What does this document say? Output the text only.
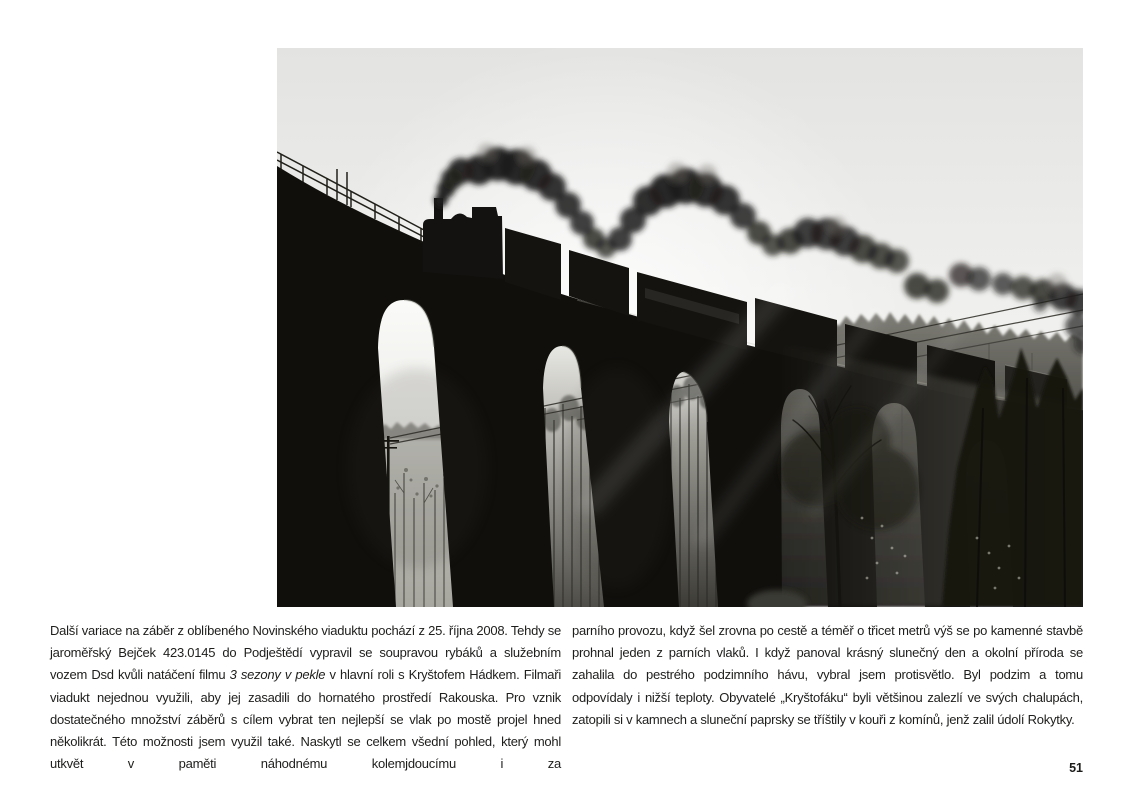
Další variace na záběr z oblíbeného Novinského viaduktu pochází z 25. října 2008. Tehdy se jaroměřský Bejček 423.0145 do Podještědí vypravil se soupravou rybáků a služebním vozem Dsd kvůli natáčení filmu 3 sezony v pekle v hlavní roli s Kryštofem Hádkem. Filmaři viadukt nejednou využili, aby jej zasadili do hornatého prostředí Rakouska. Pro vznik dostatečného množství záběrů s cílem vybrat ten nejlepší se vlak po mostě projel hned několikrát. Této možnosti jsem využil také. Naskytl se celkem všední pohled, který mohl utkvět v paměti náhodnému kolemjdoucímu i za

parního provozu, když šel zrovna po cestě a téměř o třicet metrů výš se po kamenné stavbě prohnal jeden z parních vlaků. I když panoval krásný slunečný den a okolní příroda se zahalila do pestrého podzimního hávu, vybral jsem protisvětlo. Byl podzim a tomu odpovídaly i nižší teploty. Obyvatelé „Kryštofáku“ byli většinou zalezlí ve svých chalupách, zatopili si v kamnech a sluneční paprsky se tříštily v kouři z komínů, jenž zalil údolí Rokytky.

51
